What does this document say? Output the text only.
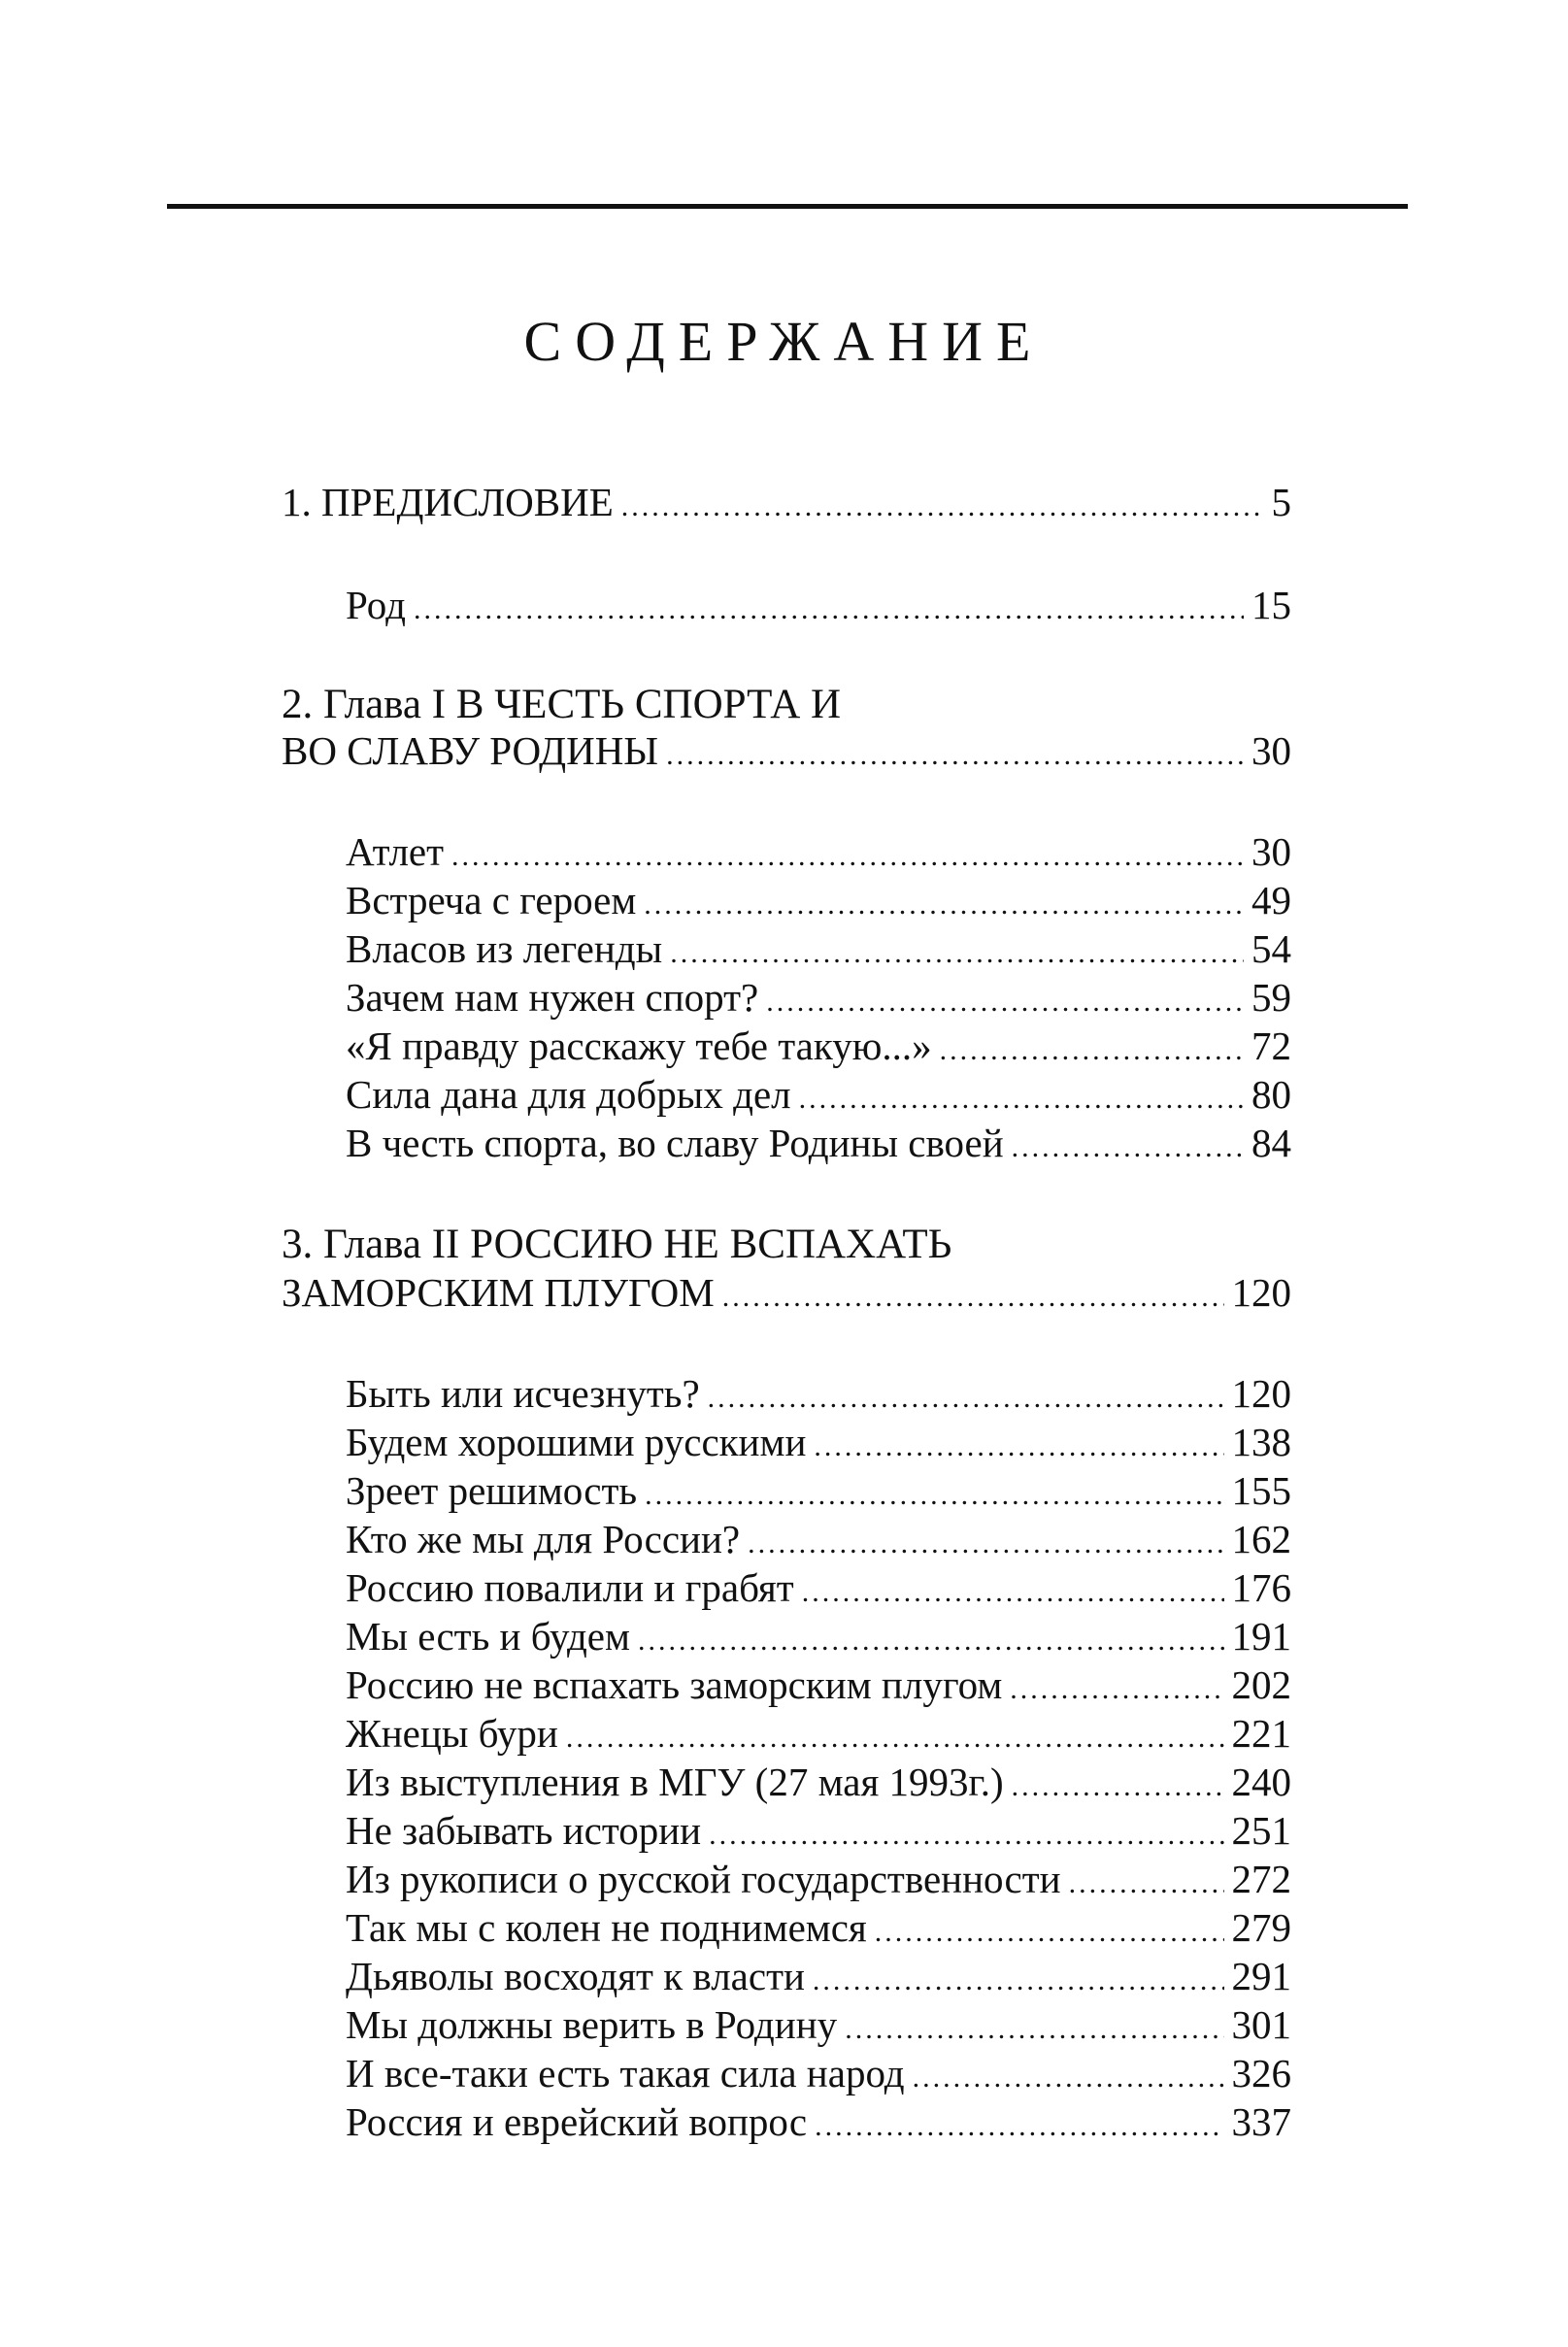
СОДЕРЖАНИЕ
1. ПРЕДИСЛОВИЕ .....	5
Род .....	15
2. Глава I В ЧЕСТЬ СПОРТА И
ВО СЛАВУ РОДИНЫ .....	30
Атлет .....	30
Встреча с героем .....	49
Власов из легенды .....	54
Зачем нам нужен спорт? .....	59
«Я правду расскажу тебе такую...» .....	72
Сила дана для добрых дел .....	80
В честь спорта, во славу Родины своей .....	84
3. Глава II РОССИЮ НЕ ВСПАХАТЬ
ЗАМОРСКИМ ПЛУГОМ .....	120
Быть или исчезнуть? .....	120
Будем хорошими русскими .....	138
Зреет решимость .....	155
Кто же мы для России? .....	162
Россию повалили и грабят .....	176
Мы есть и будем .....	191
Россию не вспахать заморским плугом .....	202
Жнецы бури .....	221
Из выступления в МГУ (27 мая 1993г.) .....	240
Не забывать истории .....	251
Из рукописи о русской государственности .....	272
Так мы с колен не поднимемся .....	279
Дьяволы восходят к власти .....	291
Мы должны верить в Родину .....	301
И все-таки есть такая сила народ .....	326
Россия и еврейский вопрос .....	337
